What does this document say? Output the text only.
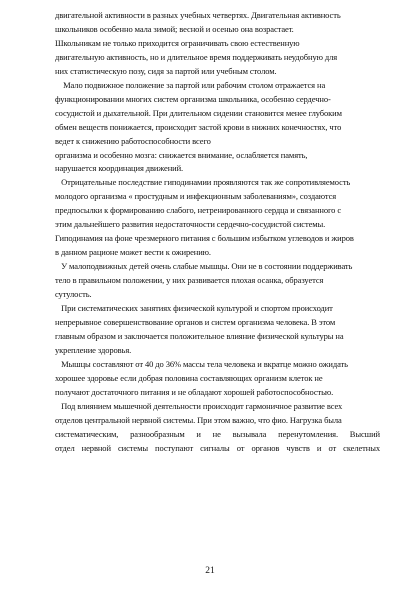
двигательной активности в разных учебных четвертях. Двигательная активность
школьников особенно мала зимой; весной и осенью она возрастает.
Школьникам не только приходится ограничивать свою естественную
двигательную активность, но и длительное время поддерживать неудобную для
них статистическую позу, сидя за партой или учебным столом.
Мало подвижное положение за партой или рабочим столом отражается на
функционировании многих систем организма школьника, особенно сердечно-
сосудистой и дыхательной. При длительном сидении становится менее глубоким
обмен веществ понижается, происходит застой крови в нижних конечностях, что
ведет к снижению работоспособности всего
организма и особенно мозга: снижается внимание, ослабляется память,
нарушается координация движений.
Отрицательные последствие гиподинамии проявляются так же сопротивляемость
молодого организма « простудным и инфекционным заболеваниям», создаются
предпосылки к формированию слабого, нетренированного сердца и связанного с
этим дальнейшего развития недостаточности сердечно-сосудистой системы.
Гиподинамия на фоне чрезмерного питания с большим избытком углеводов и жиров
в данном рационе может вести к ожирению.
У малоподвижных детей очень слабые мышцы. Они не в состоянии поддерживать
тело в правильном положении, у них развивается плохая осанка, образуется
сутулость.
При систематических занятиях физической культурой и спортом происходит
непрерывное совершенствование органов и систем организма человека. В этом
главным образом и заключается положительное влияние физической культуры на
укрепление здоровья.
Мышцы составляют от 40 до 36% массы тела человека и вкратце можно ожидать
хорошее здоровье если добрая половина составляющих организм клеток не
получают достаточного питания и не обладают хорошей работоспособностью.
Под влиянием мышечной деятельности происходит гармоничное развитие всех
отделов центральной нервной системы. При этом важно, что фио. Нагрузка была
систематическим, разнообразным и не вызывала перенутомления. Высший
отдел нервной системы поступают сигналы от органов чувств и от скелетных
21
